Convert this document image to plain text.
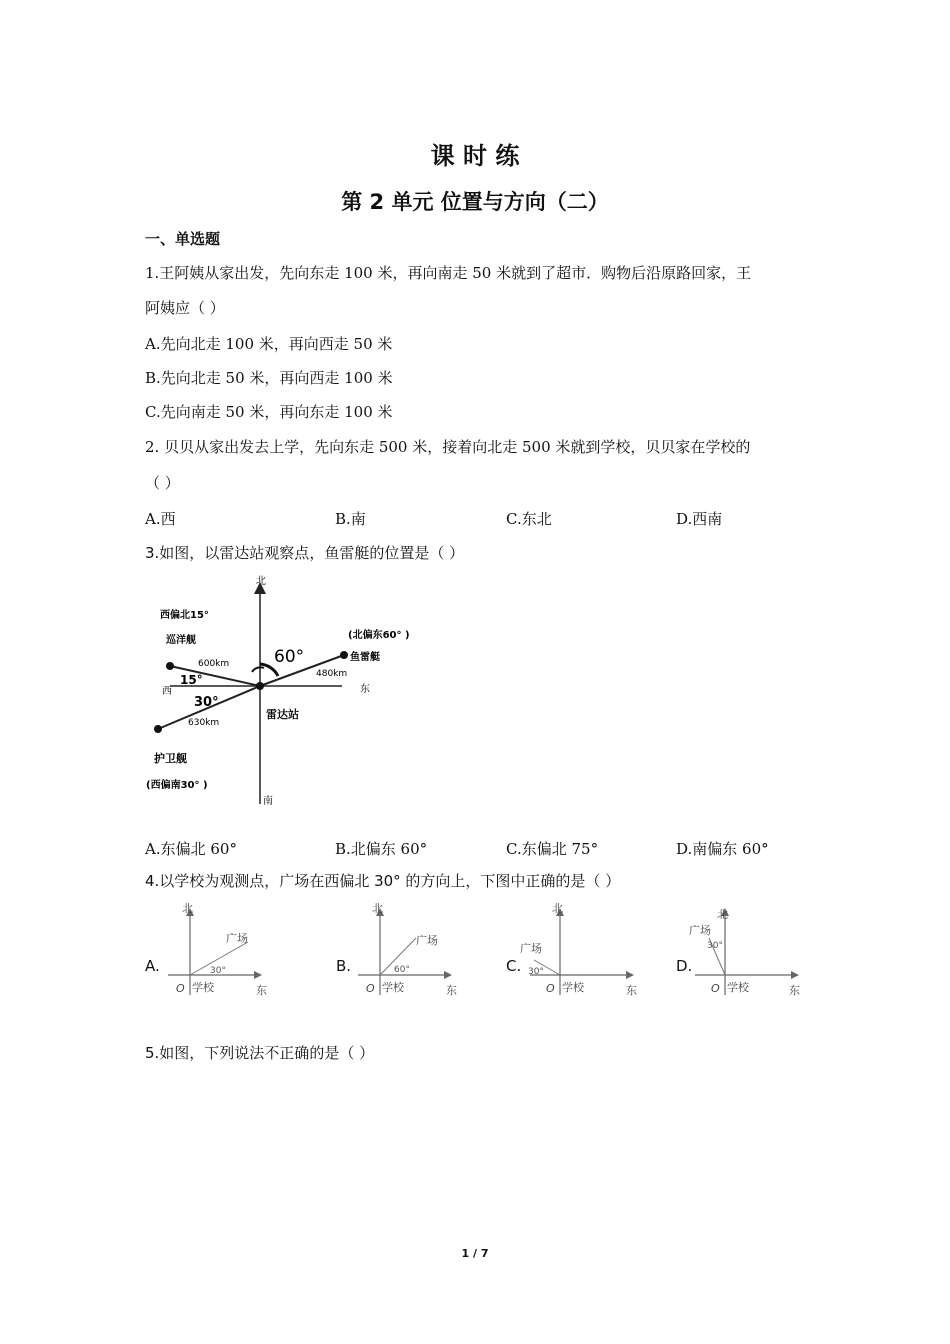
课 时 练
第 2 单元 位置与方向（二）
一、单选题
1.王阿姨从家出发，先向东走 100 米，再向南走 50 米就到了超市．购物后沿原路回家，王
阿姨应（ ）
A.先向北走 100 米，再向西走 50 米
B.先向北走 50 米，再向西走 100 米
C.先向南走 50 米，再向东走 100 米
2. 贝贝从家出发去上学，先向东走 500 米，接着向北走 500 米就到学校，贝贝家在学校的
（ ）
A.西	B.南	C.东北	D.西南
3.如图，以雷达站观察点，鱼雷艇的位置是（ ）
北
南
东
西
雷达站
西偏北15°
巡洋舰
600km
15°
30°
630km
护卫舰
(西偏南30° )
60°
480km
鱼雷艇
(北偏东60° )
A.东偏北 60°	B.北偏东 60°	C.东偏北 75°	D.南偏东 60°
4.以学校为观测点，广场在西偏北 30° 的方向上，下图中正确的是（ ）
A.
北
东
O 学校
广场
30°	B.
北
东
O 学校
广场
60°	C.
北
东
O 学校
广场
30°	D.
北
东
O 学校
广场
30°
5.如图，下列说法不正确的是（ ）
1 / 7
